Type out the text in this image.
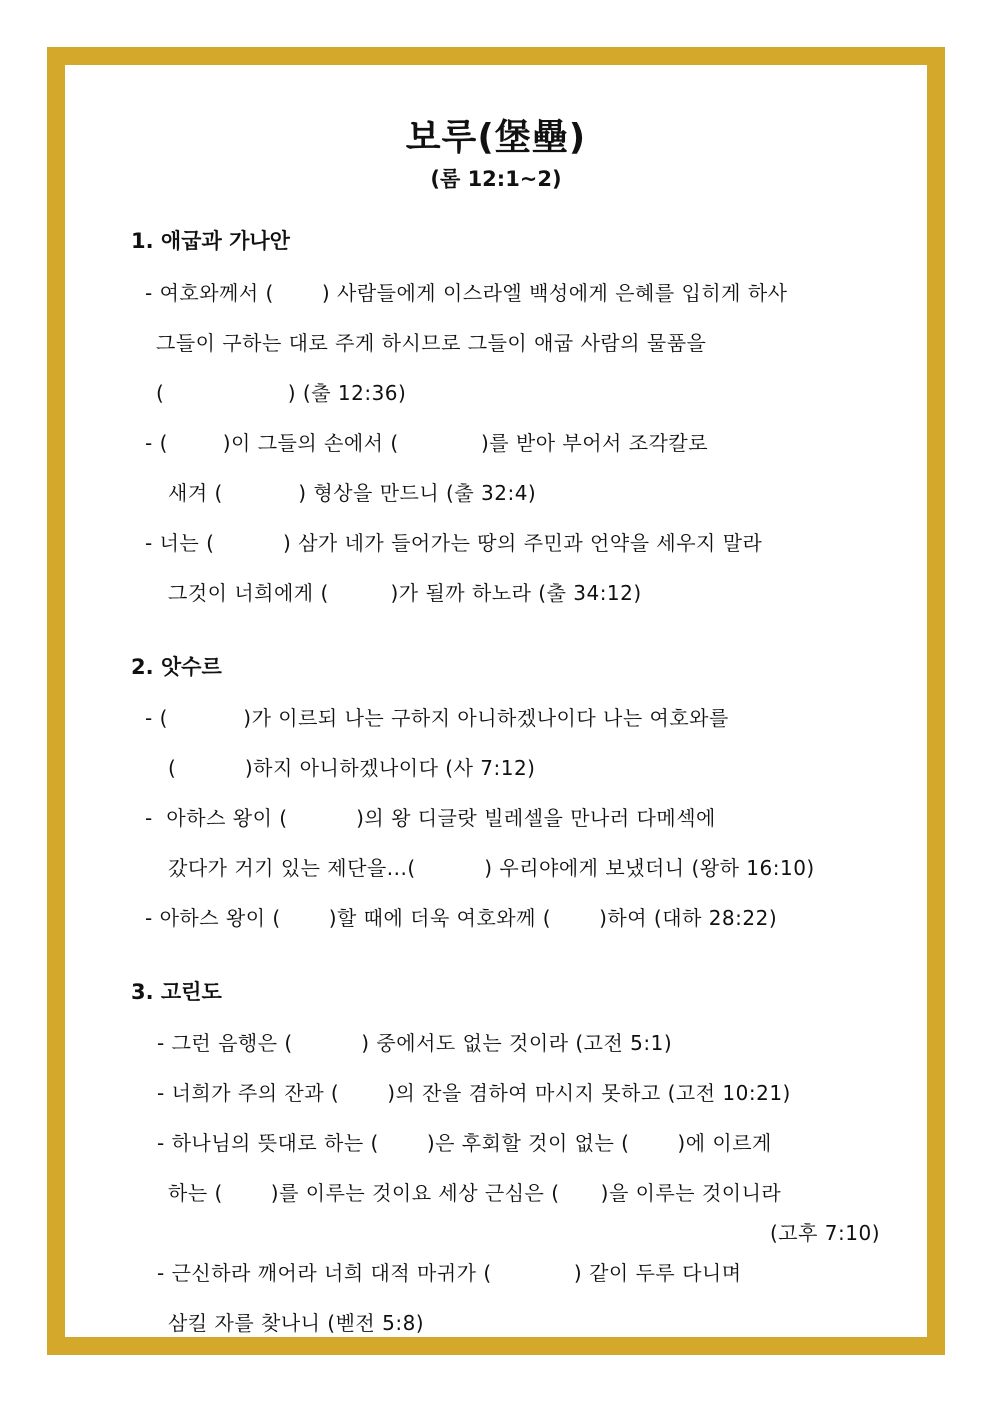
보루(堡壘)
(롬 12:1~2)
1. 애굽과 가나안
- 여호와께서 (       ) 사람들에게 이스라엘 백성에게 은혜를 입히게 하사
그들이 구하는 대로 주게 하시므로 그들이 애굽 사람의 물품을
(                  ) (출 12:36)
- (        )이 그들의 손에서 (            )를 받아 부어서 조각칼로
새겨 (           ) 형상을 만드니 (출 32:4)
- 너는 (          ) 삼가 네가 들어가는 땅의 주민과 언약을 세우지 말라
그것이 너희에게 (         )가 될까 하노라 (출 34:12)
2. 앗수르
- (           )가 이르되 나는 구하지 아니하겠나이다 나는 여호와를
(          )하지 아니하겠나이다 (사 7:12)
-  아하스 왕이 (          )의 왕 디글랏 빌레셀을 만나러 다메섹에
갔다가 거기 있는 제단을...(          ) 우리야에게 보냈더니 (왕하 16:10)
- 아하스 왕이 (       )할 때에 더욱 여호와께 (       )하여 (대하 28:22)
3. 고린도
- 그런 음행은 (          ) 중에서도 없는 것이라 (고전 5:1)
- 너희가 주의 잔과 (       )의 잔을 겸하여 마시지 못하고 (고전 10:21)
- 하나님의 뜻대로 하는 (       )은 후회할 것이 없는 (       )에 이르게
하는 (       )를 이루는 것이요 세상 근심은 (      )을 이루는 것이니라
(고후 7:10)
- 근신하라 깨어라 너희 대적 마귀가 (            ) 같이 두루 다니며
삼킬 자를 찾나니 (벧전 5:8)
